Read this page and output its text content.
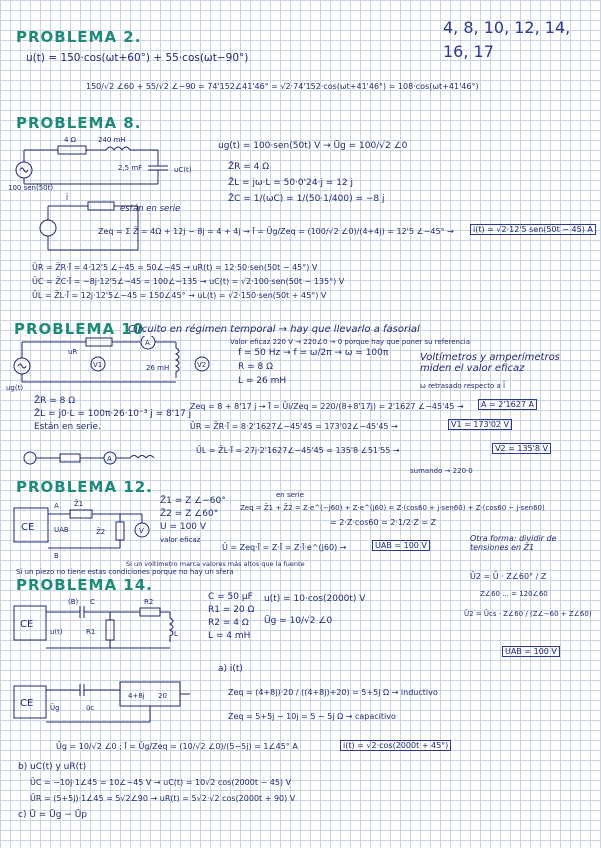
4, 8, 10, 12, 14,
16, 17
PROBLEMA 2.
u(t) = 150·cos(ωt+60°) + 55·cos(ωt−90°)
150/√2 ∠60 + 55/√2 ∠−90 = 74'152∠41'46° = √2·74'152·cos(ωt+41'46°) = 108·cos(ωt+41'46°)
PROBLEMA 8.
4 Ω	240 mH
2,5 mF	uC(t)
100 sen(50t)
Ī
están en serie
ug(t) = 100·sen(50t) V → Ūg = 100/√2 ∠0
Z̄R = 4 Ω
Z̄L = jω·L = 50·0'24·j = 12 j
Z̄C = 1/(ωC) = 1/(50·1/400) = −8 j
Zeq = Σ Z̄ = 4Ω + 12j − 8j = 4 + 4j → Ī = Ūg/Zeq = (100/√2 ∠0)/(4+4j) = 12'5 ∠−45° →	i(t) = √2·12'5 sen(50t − 45) A
ŪR = Z̄R·Ī = 4·12'5 ∠−45 = 50∠−45 → uR(t) = 12·50·sen(50t − 45°) V
ŪC = Z̄C·Ī = −8j·12'5∠−45 = 100∠−135 → uC(t) = √2·100·sen(50t − 135°) V
ŪL = Z̄L·Ī = 12j·12'5∠−45 = 150∠45° → uL(t) = √2·150·sen(50t + 45°) V
PROBLEMA 10
Circuito en régimen temporal → hay que llevarlo a fasorial
Valor eficaz 220 V → 220∠0 → 0 porque hay que poner su referencia
A
V1	V2
uR
26 mH
ug(t)
f = 50 Hz → f = ω/2π → ω = 100π
R = 8 Ω
L = 26 mH
Voltímetros y amperímetros miden el valor eficaz
ω retrasado respecto a Ī
Z̄R = 8 Ω
Z̄L = j0·L = 100π·26·10⁻³ j = 8'17 j
Están en serie.
Zeq = 8 + 8'17 j → Ī = Ūi/Zeq = 220/(8+8'17j) = 2'1627 ∠−45'45 →	A = 2'1627 A
ŪR = Z̄R·Ī = 8·2'1627∠−45'45 = 173'02∠−45'45 →	V1 = 173'02 V
A
ŪL = Z̄L·Ī = 27j·2'1627∠−45'45 = 135'8 ∠51'55 →	V2 = 135'8 V
sumando → 220·0
PROBLEMA 12.
CE	V
A
B
Z̄1
Z̄2
UAB
Z̄1 = Z ∠−60°
Z̄2 = Z ∠60°
U = 100 V
valor eficaz
en serie
Zeq = Z̄1 + Z̄2 = Z·e^(−j60) + Z·e^(j60) = Z·(cos60 + j·sen60) + Z·(cos60 − j·sen60)
= 2·Z·cos60 = 2·1/2·Z = Z
Ū = Zeq·Ī = Z·Ī = Z·Ī·e^(j60) →	UAB = 100 V
Si un voltímetro marca valores más altos que la fuente
Si un piezo no tiene estas condiciones porque no hay un sfera
Otra forma: dividir de tensiones en Z̄1
Ū2 = Ū · Z∠60° / Z
Z∠60 ... = 120∠60
Ū2 = Ūcs · Z∠60 / (Z∠−60 + Z∠60)
UAB = 100 V
PROBLEMA 14.
CE
(B) C	R2
L
R1
u(t)
C = 50 μF
R1 = 20 Ω
R2 = 4 Ω
L = 4 mH
u(t) = 10·cos(2000t) V
Ūg = 10/√2 ∠0
CE
4+8j 20
Ūg	ūc
a) i(t)
Zeq = (4+8j)·20 / ((4+8j)+20) = 5+5j Ω → inductivo
Zeq = 5+5j − 10j = 5 − 5j Ω → capacitivo
Ūg = 10/√2 ∠0 ; Ī = Ūg/Zeq = (10/√2 ∠0)/(5−5j) = 1∠45° A	i(t) = √2·cos(2000t + 45°)
b) uC(t) y uR(t)
ŪC = −10j·1∠45 = 10∠−45 V → uC(t) = 10√2 cos(2000t − 45) V
ŪR = (5+5j)·1∠45 = 5√2∠90 → uR(t) = 5√2·√2 cos(2000t + 90) V
c) Ū = Ūg − Ūp
